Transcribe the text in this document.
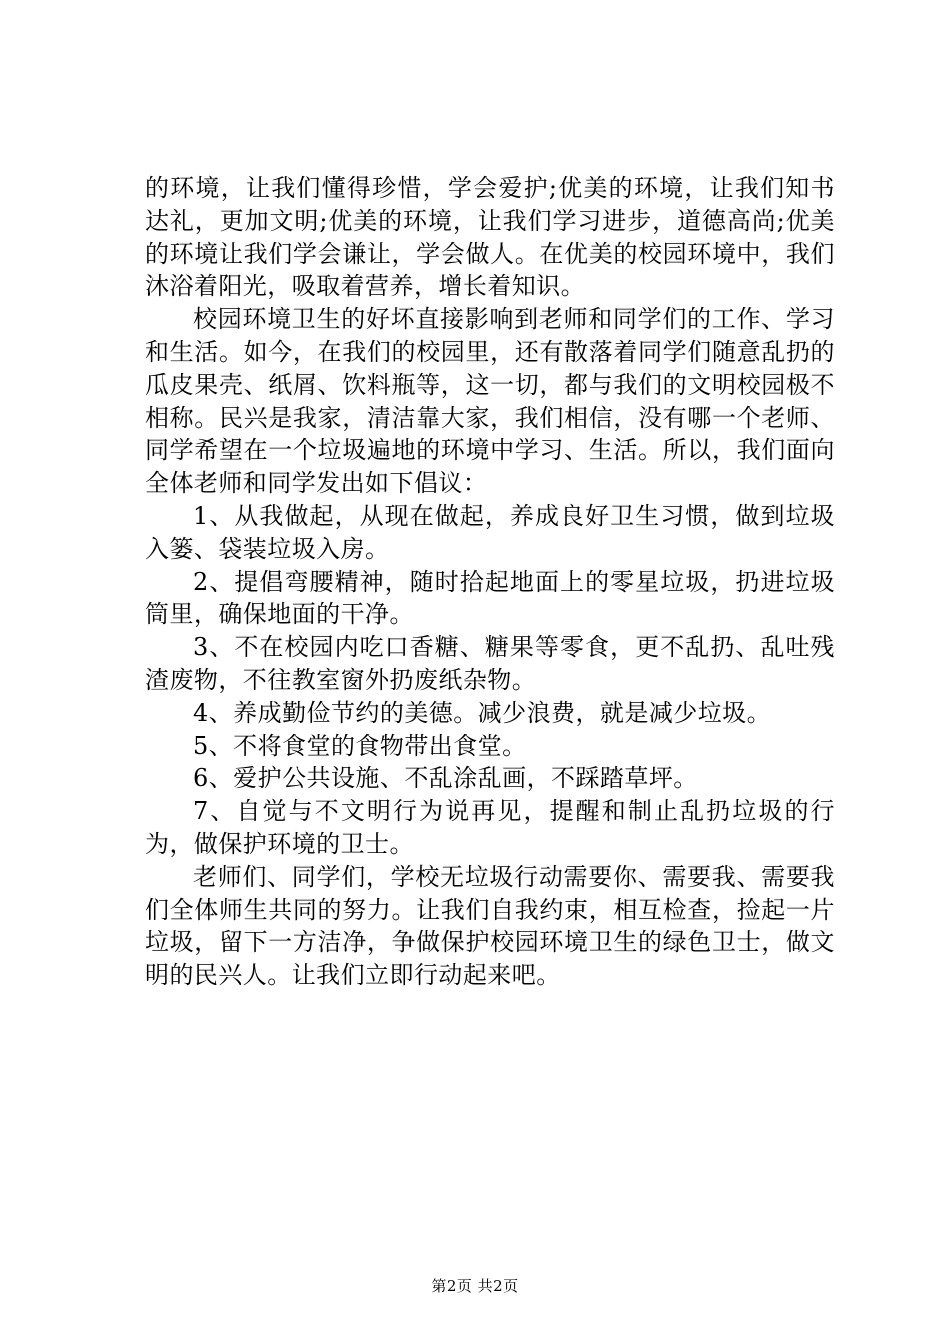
的环境，让我们懂得珍惜，学会爱护;优美的环境，让我们知书达礼，更加文明;优美的环境，让我们学习进步，道德高尚;优美的环境让我们学会谦让，学会做人。在优美的校园环境中，我们沐浴着阳光，吸取着营养，增长着知识。

校园环境卫生的好坏直接影响到老师和同学们的工作、学习和生活。如今，在我们的校园里，还有散落着同学们随意乱扔的瓜皮果壳、纸屑、饮料瓶等，这一切，都与我们的文明校园极不相称。民兴是我家，清洁靠大家，我们相信，没有哪一个老师、同学希望在一个垃圾遍地的环境中学习、生活。所以，我们面向全体老师和同学发出如下倡议：

1、从我做起，从现在做起，养成良好卫生习惯，做到垃圾入篓、袋装垃圾入房。

2、提倡弯腰精神，随时拾起地面上的零星垃圾，扔进垃圾筒里，确保地面的干净。

3、不在校园内吃口香糖、糖果等零食，更不乱扔、乱吐残渣废物，不往教室窗外扔废纸杂物。

4、养成勤俭节约的美德。减少浪费，就是减少垃圾。

5、不将食堂的食物带出食堂。

6、爱护公共设施、不乱涂乱画，不踩踏草坪。

7、自觉与不文明行为说再见，提醒和制止乱扔垃圾的行为，做保护环境的卫士。

老师们、同学们，学校无垃圾行动需要你、需要我、需要我们全体师生共同的努力。让我们自我约束，相互检查，捡起一片垃圾，留下一方洁净，争做保护校园环境卫生的绿色卫士，做文明的民兴人。让我们立即行动起来吧。

第2页 共2页
